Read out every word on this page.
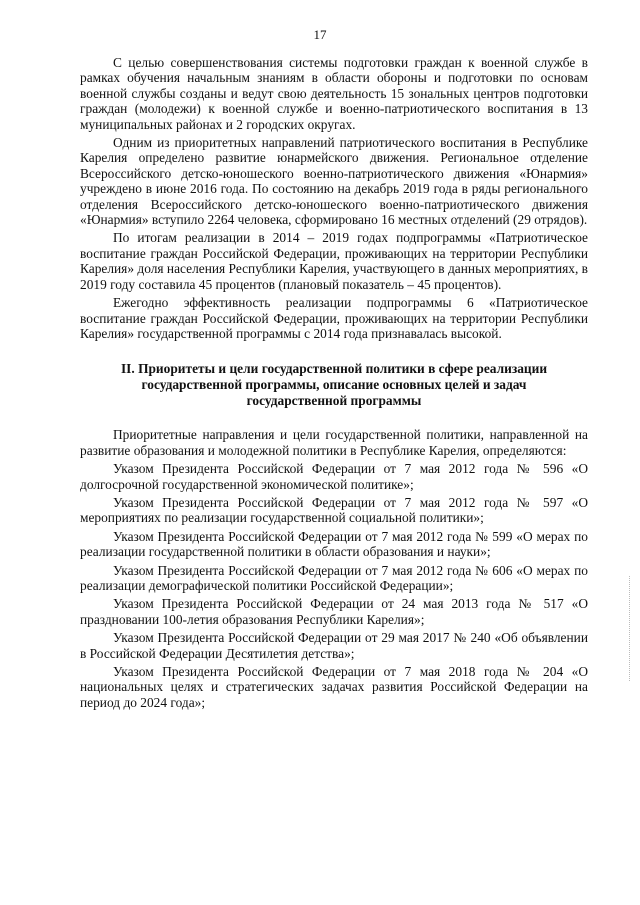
17

С целью совершенствования системы подготовки граждан к военной службе в рамках обучения начальным знаниям в области обороны и подготовки по основам военной службы созданы и ведут свою деятельность 15 зональных центров подготовки граждан (молодежи) к военной службе и военно-патриотического воспитания в 13 муниципальных районах и 2 городских округах.

Одним из приоритетных направлений патриотического воспитания в Республике Карелия определено развитие юнармейского движения. Региональное отделение Всероссийского детско-юношеского военно-патриотического движения «Юнармия» учреждено в июне 2016 года. По состоянию на декабрь 2019 года в ряды регионального отделения Всероссийского детско-юношеского военно-патриотического движения «Юнармия» вступило 2264 человека, сформировано 16 местных отделений (29 отрядов).

По итогам реализации в 2014 – 2019 годах подпрограммы «Патриотическое воспитание граждан Российской Федерации, проживающих на территории Республики Карелия» доля населения Республики Карелия, участвующего в данных мероприятиях, в 2019 году составила 45 процентов (плановый показатель – 45 процентов).

Ежегодно эффективность реализации подпрограммы 6 «Патриотическое воспитание граждан Российской Федерации, проживающих на территории Республики Карелия» государственной программы с 2014 года признавалась высокой.

II. Приоритеты и цели государственной политики в сфере реализации государственной программы, описание основных целей и задач государственной программы

Приоритетные направления и цели государственной политики, направленной на развитие образования и молодежной политики в Республике Карелия, определяются:

Указом Президента Российской Федерации от 7 мая 2012 года № 596 «О долгосрочной государственной экономической политике»;

Указом Президента Российской Федерации от 7 мая 2012 года № 597 «О мероприятиях по реализации государственной социальной политики»;

Указом Президента Российской Федерации от 7 мая 2012 года № 599 «О мерах по реализации государственной политики в области образования и науки»;

Указом Президента Российской Федерации от 7 мая 2012 года № 606 «О мерах по реализации демографической политики Российской Федерации»;

Указом Президента Российской Федерации от 24 мая 2013 года № 517 «О праздновании 100-летия образования Республики Карелия»;

Указом Президента Российской Федерации от 29 мая 2017 № 240 «Об объявлении в Российской Федерации Десятилетия детства»;

Указом Президента Российской Федерации от 7 мая 2018 года № 204 «О национальных целях и стратегических задачах развития Российской Федерации на период до 2024 года»;
